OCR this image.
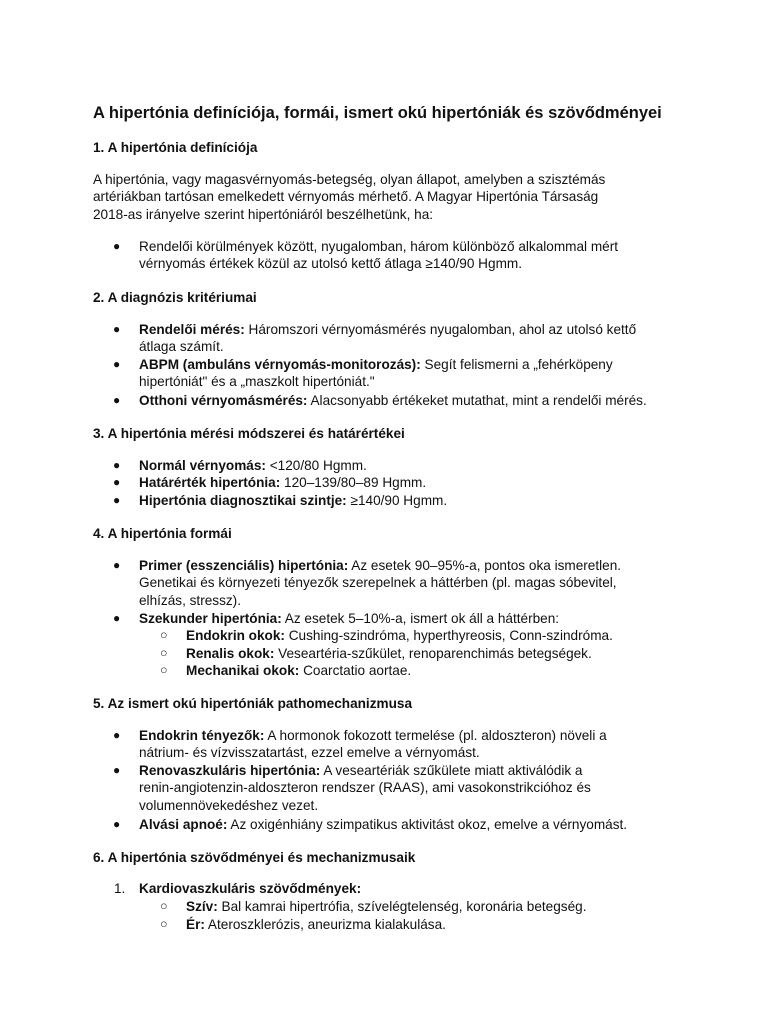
A hipertónia definíciója, formái, ismert okú hipertóniák és szövődményei
1. A hipertónia definíciója

A hipertónia, vagy magasvérnyomás-betegség, olyan állapot, amelyben a szisztémás
artériákban tartósan emelkedett vérnyomás mérhető. A Magyar Hipertónia Társaság
2018-as irányelve szerint hipertóniáról beszélhetünk, ha:

● Rendelői körülmények között, nyugalomban, három különböző alkalommal mért
vérnyomás értékek közül az utolsó kettő átlaga ≥140/90 Hgmm.
2. A diagnózis kritériumai
● Rendelői mérés: Háromszori vérnyomásmérés nyugalomban, ahol az utolsó kettő
átlaga számít.
● ABPM (ambuláns vérnyomás-monitorozás): Segít felismerni a „fehérköpeny
hipertóniát" és a „maszkolt hipertóniát."
● Otthoni vérnyomásmérés: Alacsonyabb értékeket mutathat, mint a rendelői mérés.
3. A hipertónia mérési módszerei és határértékei
● Normál vérnyomás: <120/80 Hgmm.
● Határérték hipertónia: 120–139/80–89 Hgmm.
● Hipertónia diagnosztikai szintje: ≥140/90 Hgmm.
4. A hipertónia formái
● Primer (esszenciális) hipertónia: Az esetek 90–95%-a, pontos oka ismeretlen.
Genetikai és környezeti tényezők szerepelnek a háttérben (pl. magas sóbevitel,
elhízás, stressz).
● Szekunder hipertónia: Az esetek 5–10%-a, ismert ok áll a háttérben:
○ Endokrin okok: Cushing-szindróma, hyperthyreosis, Conn-szindróma.
○ Renalis okok: Veseartéria-szűkület, renoparenchimás betegségek.
○ Mechanikai okok: Coarctatio aortae.
5. Az ismert okú hipertóniák pathomechanizmusa
● Endokrin tényezők: A hormonok fokozott termelése (pl. aldoszteron) növeli a
nátrium- és vízvisszatartást, ezzel emelve a vérnyomást.
● Renovaszkuláris hipertónia: A veseartériák szűkülete miatt aktiválódik a
renin-angiotenzin-aldoszteron rendszer (RAAS), ami vasokonstrikcióhoz és
volumennövekedéshez vezet.
● Alvási apnoé: Az oxigénhiány szimpatikus aktivitást okoz, emelve a vérnyomást.
6. A hipertónia szövődményei és mechanizmusaik
1. Kardiovaszkuláris szövődmények:
○ Szív: Bal kamrai hipertrófia, szívelégtelenség, koronária betegség.
○ Ér: Ateroszklerózis, aneurizma kialakulása.
